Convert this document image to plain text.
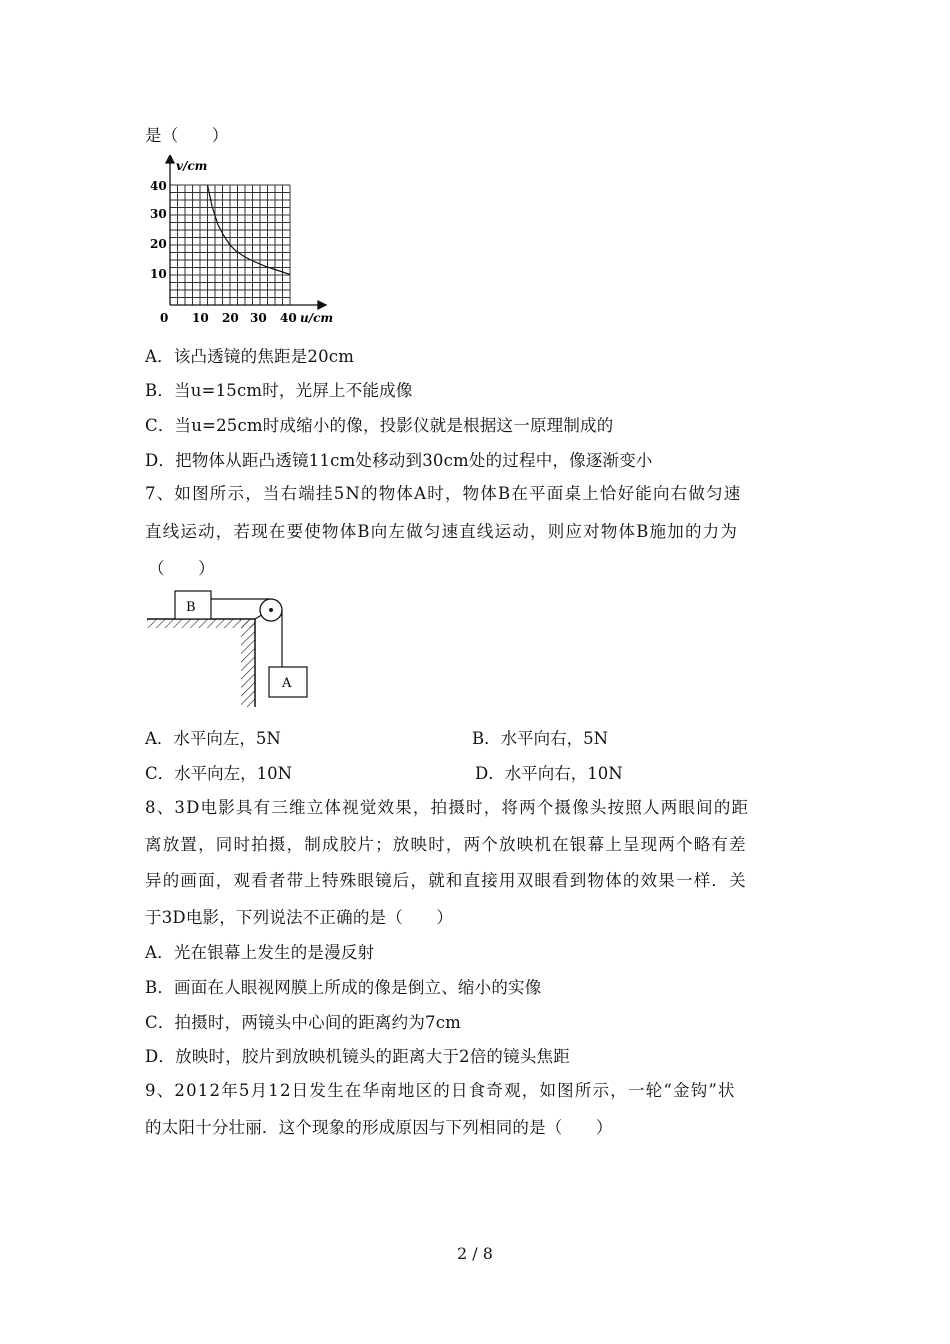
是（　　）
v/cm
u/cm
0
40
30
20
10
10 20 30 40
A．该凸透镜的焦距是20cm
B．当u=15cm时，光屏上不能成像
C．当u=25cm时成缩小的像，投影仪就是根据这一原理制成的
D．把物体从距凸透镜11cm处移动到30cm处的过程中，像逐渐变小
7、如图所示，当右端挂5N的物体A时，物体B在平面桌上恰好能向右做匀速
直线运动，若现在要使物体B向左做匀速直线运动，则应对物体B施加的力为
（　　）
B
A
A．水平向左，5N	B．水平向右，5N
C．水平向左，10N	D．水平向右，10N
8、3D电影具有三维立体视觉效果，拍摄时，将两个摄像头按照人两眼间的距
离放置，同时拍摄，制成胶片；放映时，两个放映机在银幕上呈现两个略有差
异的画面，观看者带上特殊眼镜后，就和直接用双眼看到物体的效果一样．关
于3D电影，下列说法不正确的是（　　）
A．光在银幕上发生的是漫反射
B．画面在人眼视网膜上所成的像是倒立、缩小的实像
C．拍摄时，两镜头中心间的距离约为7cm
D．放映时，胶片到放映机镜头的距离大于2倍的镜头焦距
9、2012年5月12日发生在华南地区的日食奇观，如图所示，一轮“金钩”状
的太阳十分壮丽．这个现象的形成原因与下列相同的是（　　）
2 / 8
